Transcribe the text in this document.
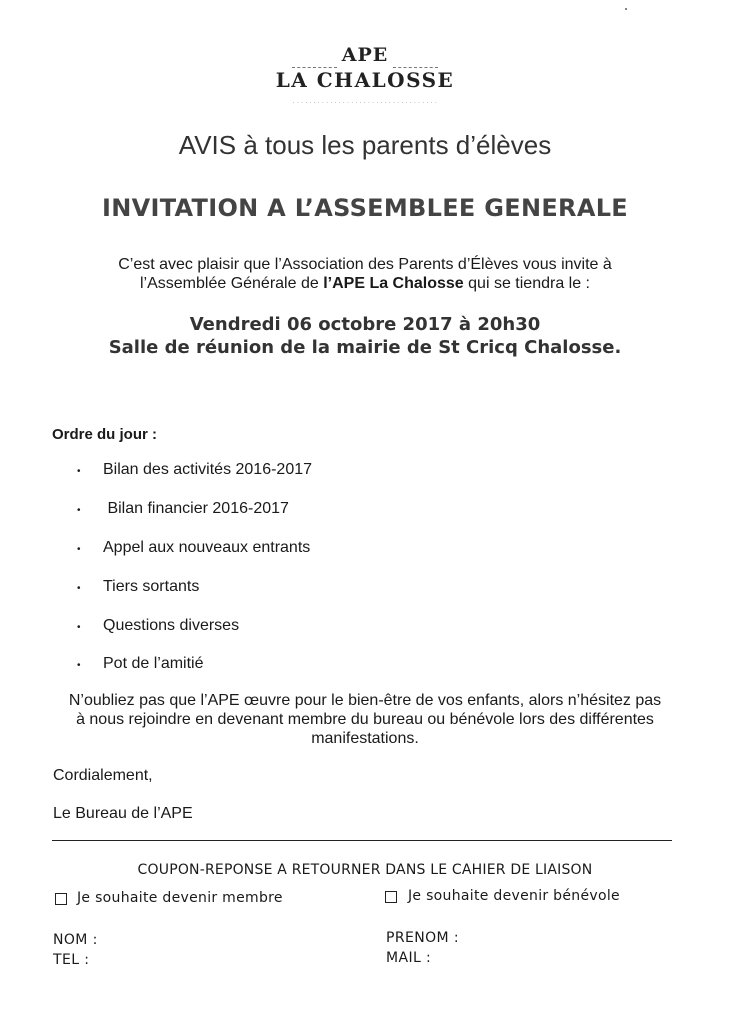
APE
LA CHALOSSE
· · · · · · · · · · · · · · · · · · · · · · · · · · · · · · · · · · ·
AVIS à tous les parents d’élèves
INVITATION A L’ASSEMBLEE GENERALE
C’est avec plaisir que l’Association des Parents d’Élèves vous invite à
l’Assemblée Générale de l’APE La Chalosse qui se tiendra le :
Vendredi 06 octobre 2017 à 20h30
Salle de réunion de la mairie de St Cricq Chalosse.
Ordre du jour :
• Bilan des activités 2016-2017
• Bilan financier 2016-2017
• Appel aux nouveaux entrants
• Tiers sortants
• Questions diverses
• Pot de l’amitié
N’oubliez pas que l’APE œuvre pour le bien-être de vos enfants, alors n’hésitez pas
à nous rejoindre en devenant membre du bureau ou bénévole lors des différentes
manifestations.
Cordialement,
Le Bureau de l’APE
COUPON-REPONSE A RETOURNER DANS LE CAHIER DE LIAISON
Je souhaite devenir membre	Je souhaite devenir bénévole
NOM :
TEL :
PRENOM :
MAIL :
